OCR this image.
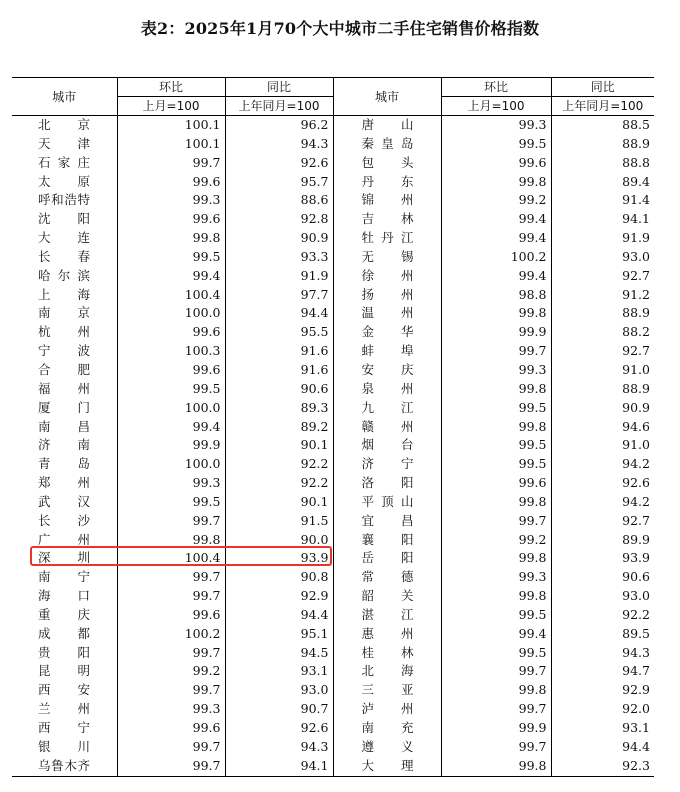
表2：2025年1月70个大中城市二手住宅销售价格指数
城市	环比	同比	城市	环比	同比
	上月=100	上年同月=100		上月=100	上年同月=100

北京	100.1	96.2	唐山	99.3	88.5

天津	100.1	94.3	秦皇岛	99.5	88.9

石家庄	99.7	92.6	包头	99.6	88.8

太原	99.6	95.7	丹东	99.8	89.4

呼和浩特	99.3	88.6	锦州	99.2	91.4

沈阳	99.6	92.8	吉林	99.4	94.1

大连	99.8	90.9	牡丹江	99.4	91.9

长春	99.5	93.3	无锡	100.2	93.0

哈尔滨	99.4	91.9	徐州	99.4	92.7

上海	100.4	97.7	扬州	98.8	91.2

南京	100.0	94.4	温州	99.8	88.9

杭州	99.6	95.5	金华	99.9	88.2

宁波	100.3	91.6	蚌埠	99.7	92.7

合肥	99.6	91.6	安庆	99.3	91.0

福州	99.5	90.6	泉州	99.8	88.9

厦门	100.0	89.3	九江	99.5	90.9

南昌	99.4	89.2	赣州	99.8	94.6

济南	99.9	90.1	烟台	99.5	91.0

青岛	100.0	92.2	济宁	99.5	94.2

郑州	99.3	92.2	洛阳	99.6	92.6

武汉	99.5	90.1	平顶山	99.8	94.2

长沙	99.7	91.5	宜昌	99.7	92.7

广州	99.8	90.0	襄阳	99.2	89.9

深圳	100.4	93.9	岳阳	99.8	93.9

南宁	99.7	90.8	常德	99.3	90.6

海口	99.7	92.9	韶关	99.8	93.0

重庆	99.6	94.4	湛江	99.5	92.2

成都	100.2	95.1	惠州	99.4	89.5

贵阳	99.7	94.5	桂林	99.5	94.3

昆明	99.2	93.1	北海	99.7	94.7

西安	99.7	93.0	三亚	99.8	92.9

兰州	99.3	90.7	泸州	99.7	92.0

西宁	99.6	92.6	南充	99.9	93.1

银川	99.7	94.3	遵义	99.7	94.4

乌鲁木齐	99.7	94.1	大理	99.8	92.3
